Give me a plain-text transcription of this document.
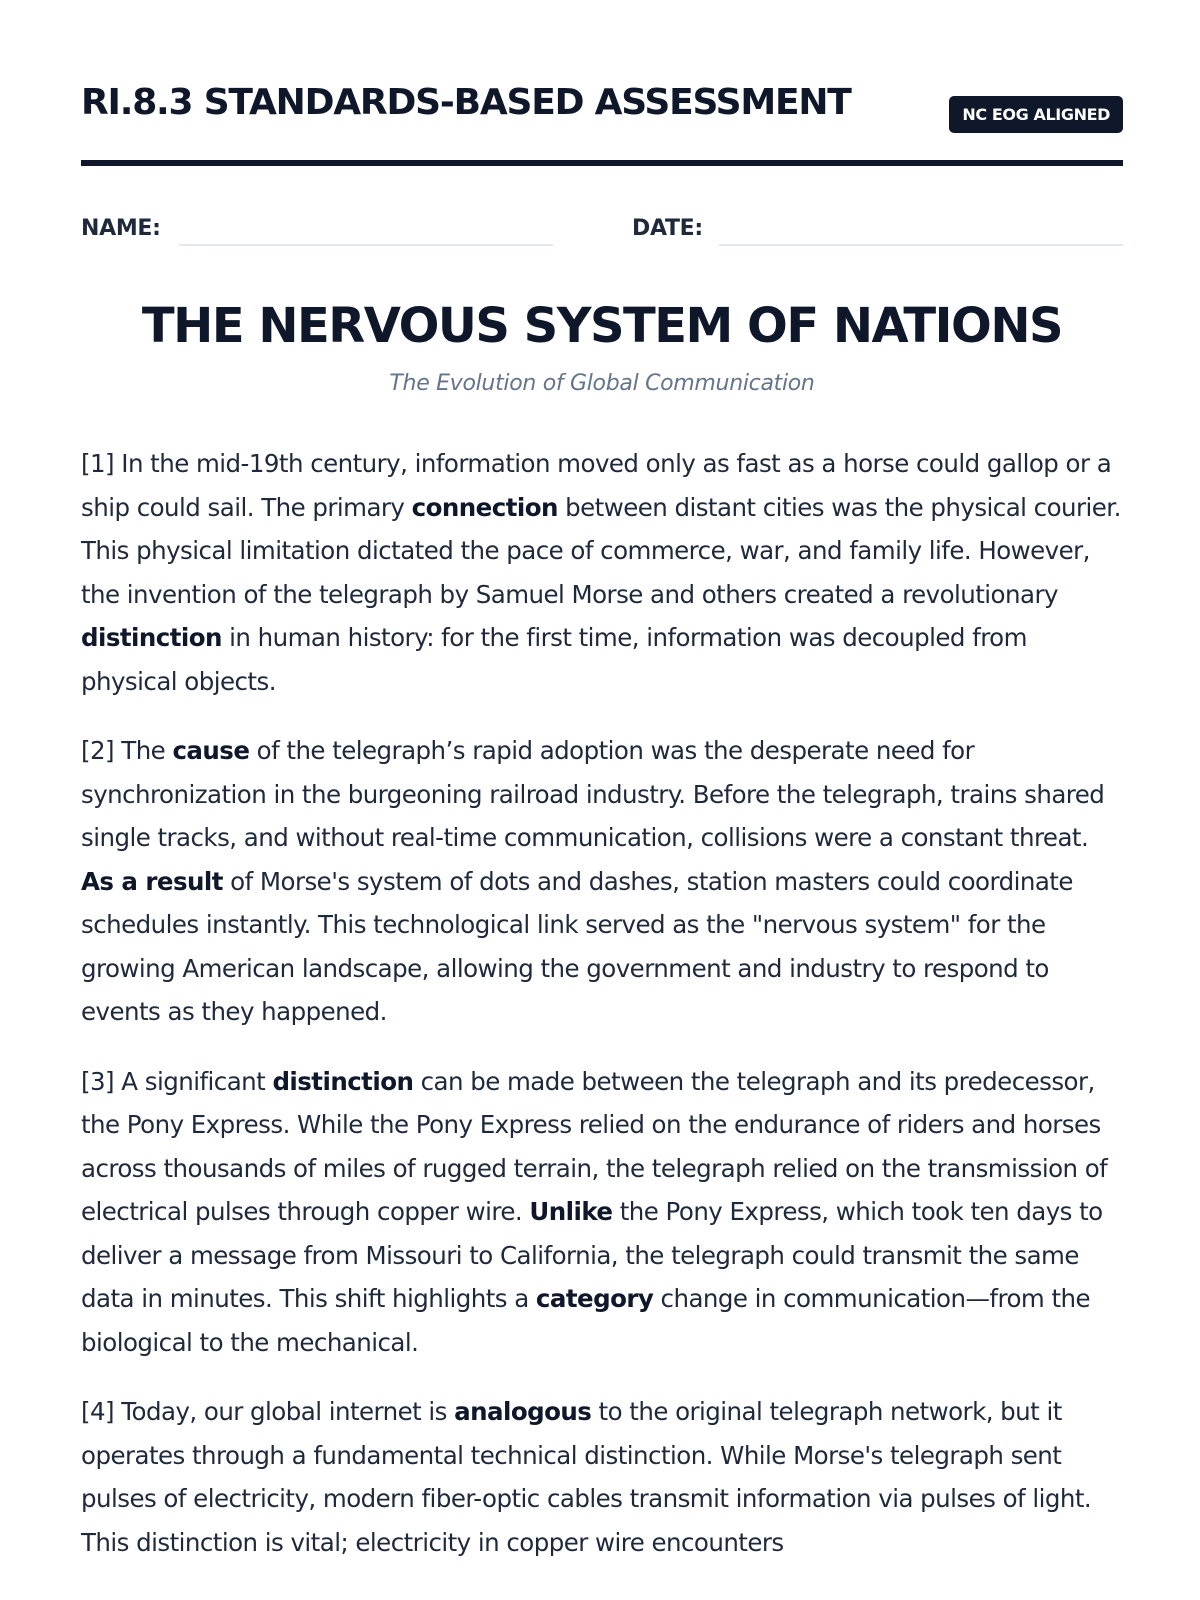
RI.8.3 STANDARDS-BASED ASSESSMENT	NC EOG ALIGNED
NAME:	DATE:
THE NERVOUS SYSTEM OF NATIONS
The Evolution of Global Communication

[1] In the mid-19th century, information moved only as fast as a horse could gallop or a ship could sail. The primary connection between distant cities was the physical courier. This physical limitation dictated the pace of commerce, war, and family life. However, the invention of the telegraph by Samuel Morse and others created a revolutionary distinction in human history: for the first time, information was decoupled from physical objects.

[2] The cause of the telegraph’s rapid adoption was the desperate need for synchronization in the burgeoning railroad industry. Before the telegraph, trains shared single tracks, and without real-time communication, collisions were a constant threat. As a result of Morse's system of dots and dashes, station masters could coordinate schedules instantly. This technological link served as the "nervous system" for the growing American landscape, allowing the government and industry to respond to events as they happened.

[3] A significant distinction can be made between the telegraph and its predecessor, the Pony Express. While the Pony Express relied on the endurance of riders and horses across thousands of miles of rugged terrain, the telegraph relied on the transmission of electrical pulses through copper wire. Unlike the Pony Express, which took ten days to deliver a message from Missouri to California, the telegraph could transmit the same data in minutes. This shift highlights a category change in communication—from the biological to the mechanical.

[4] Today, our global internet is analogous to the original telegraph network, but it operates through a fundamental technical distinction. While Morse's telegraph sent pulses of electricity, modern fiber-optic cables transmit information via pulses of light. This distinction is vital; electricity in copper wire encounters
